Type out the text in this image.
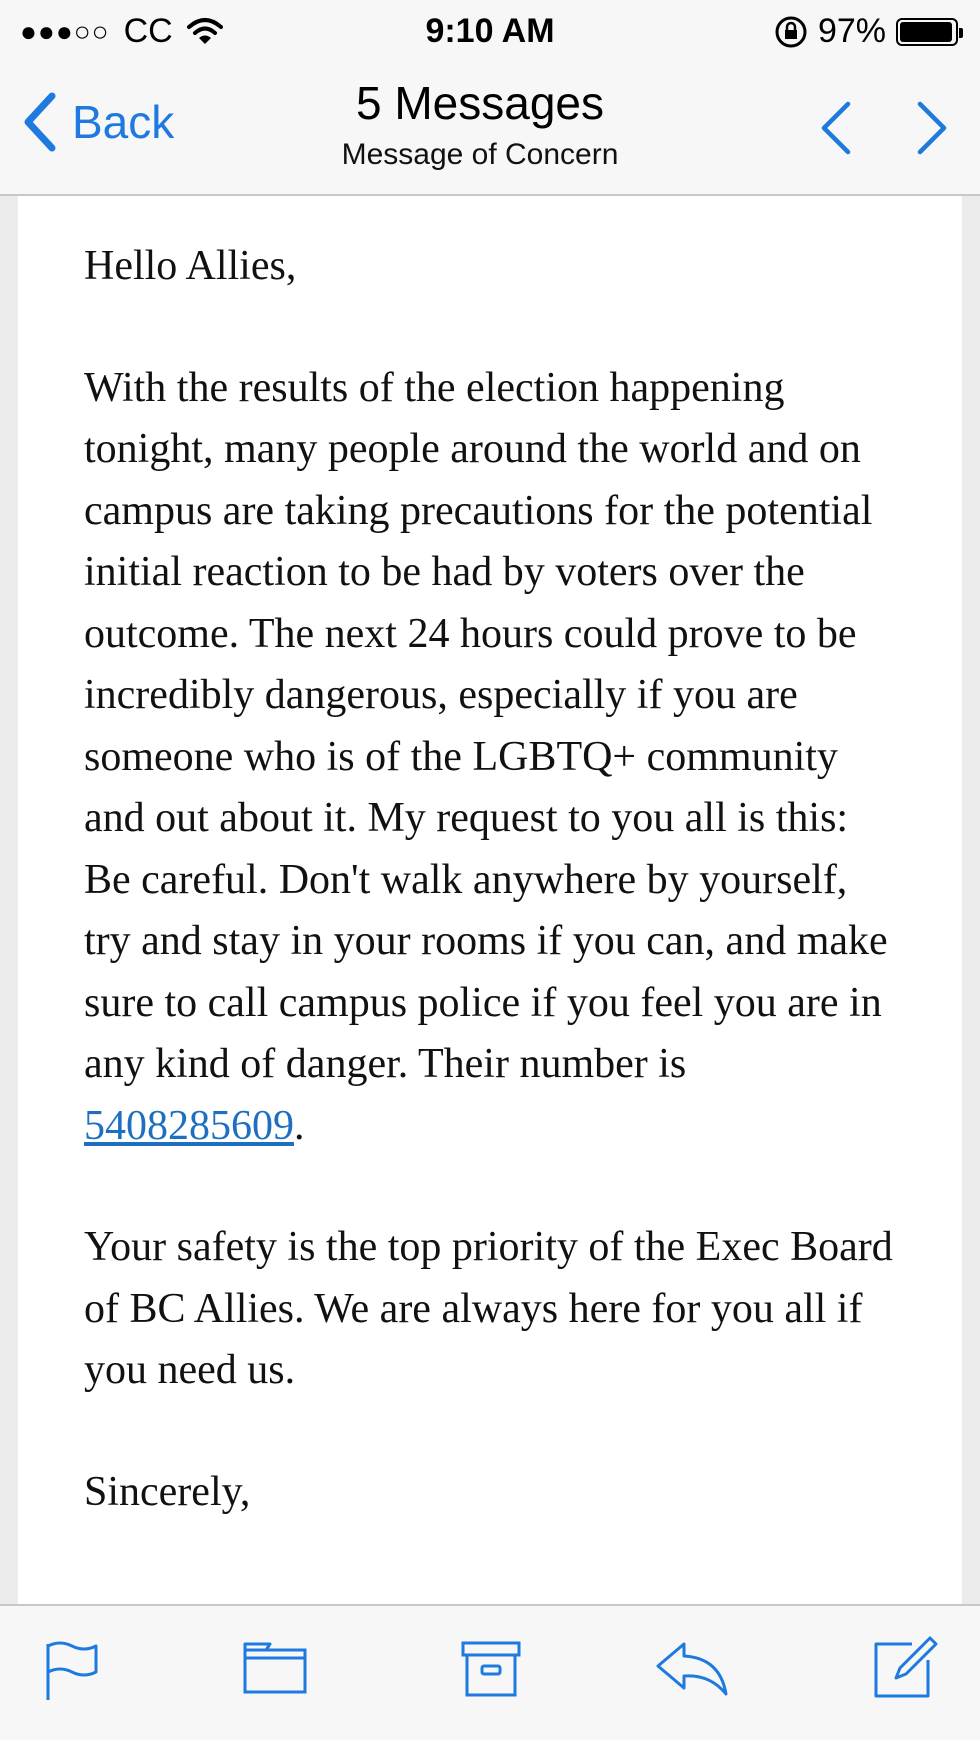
●●●○○ CC	9:10 AM	97%
Back	5 Messages
Message of Concern

Hello Allies,

With the results of the election happening tonight, many people around the world and on campus are taking precautions for the potential initial reaction to be had by voters over the outcome. The next 24 hours could prove to be incredibly dangerous, especially if you are someone who is of the LGBTQ+ community and out about it. My request to you all is this: Be careful. Don't walk anywhere by yourself, try and stay in your rooms if you can, and make sure to call campus police if you feel you are in any kind of danger. Their number is 5408285609.

Your safety is the top priority of the Exec Board of BC Allies. We are always here for you all if you need us.

Sincerely,
